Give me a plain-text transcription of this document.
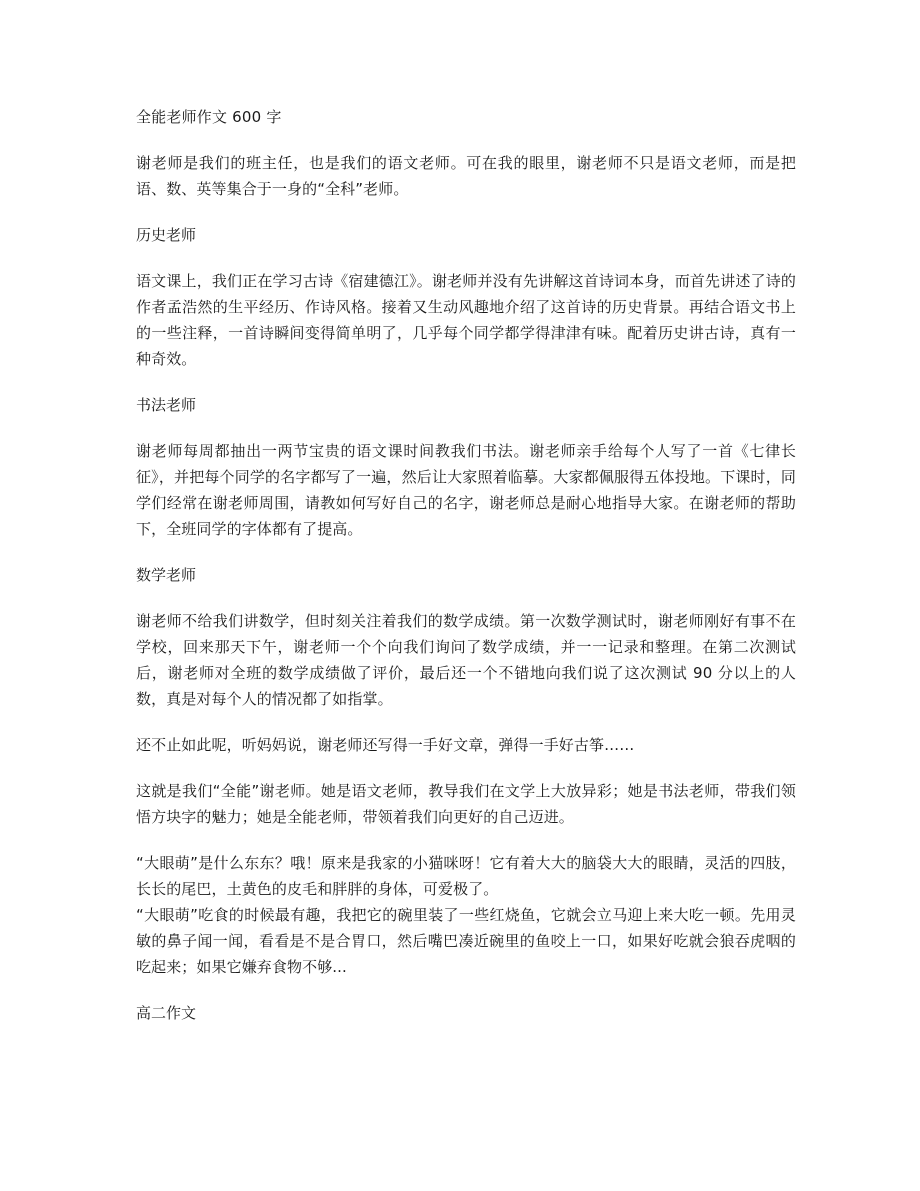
全能老师作文 600 字
谢老师是我们的班主任，也是我们的语文老师。可在我的眼里，谢老师不只是语文老师，而是把语、数、英等集合于一身的“全科”老师。
历史老师
语文课上，我们正在学习古诗《宿建德江》。谢老师并没有先讲解这首诗词本身，而首先讲述了诗的作者孟浩然的生平经历、作诗风格。接着又生动风趣地介绍了这首诗的历史背景。再结合语文书上的一些注释，一首诗瞬间变得简单明了，几乎每个同学都学得津津有味。配着历史讲古诗，真有一种奇效。
书法老师
谢老师每周都抽出一两节宝贵的语文课时间教我们书法。谢老师亲手给每个人写了一首《七律长征》，并把每个同学的名字都写了一遍，然后让大家照着临摹。大家都佩服得五体投地。下课时，同学们经常在谢老师周围，请教如何写好自己的名字，谢老师总是耐心地指导大家。在谢老师的帮助下，全班同学的字体都有了提高。
数学老师
谢老师不给我们讲数学，但时刻关注着我们的数学成绩。第一次数学测试时，谢老师刚好有事不在学校，回来那天下午，谢老师一个个向我们询问了数学成绩，并一一记录和整理。在第二次测试后，谢老师对全班的数学成绩做了评价，最后还一个不错地向我们说了这次测试 90 分以上的人数，真是对每个人的情况都了如指掌。
还不止如此呢，听妈妈说，谢老师还写得一手好文章，弹得一手好古筝……
这就是我们“全能”谢老师。她是语文老师，教导我们在文学上大放异彩；她是书法老师，带我们领悟方块字的魅力；她是全能老师，带领着我们向更好的自己迈进。
“大眼萌”是什么东东？哦！原来是我家的小猫咪呀！它有着大大的脑袋大大的眼睛，灵活的四肢，长长的尾巴，土黄色的皮毛和胖胖的身体，可爱极了。
“大眼萌”吃食的时候最有趣，我把它的碗里装了一些红烧鱼，它就会立马迎上来大吃一顿。先用灵敏的鼻子闻一闻，看看是不是合胃口，然后嘴巴凑近碗里的鱼咬上一口，如果好吃就会狼吞虎咽的吃起来；如果它嫌弃食物不够...
高二作文
